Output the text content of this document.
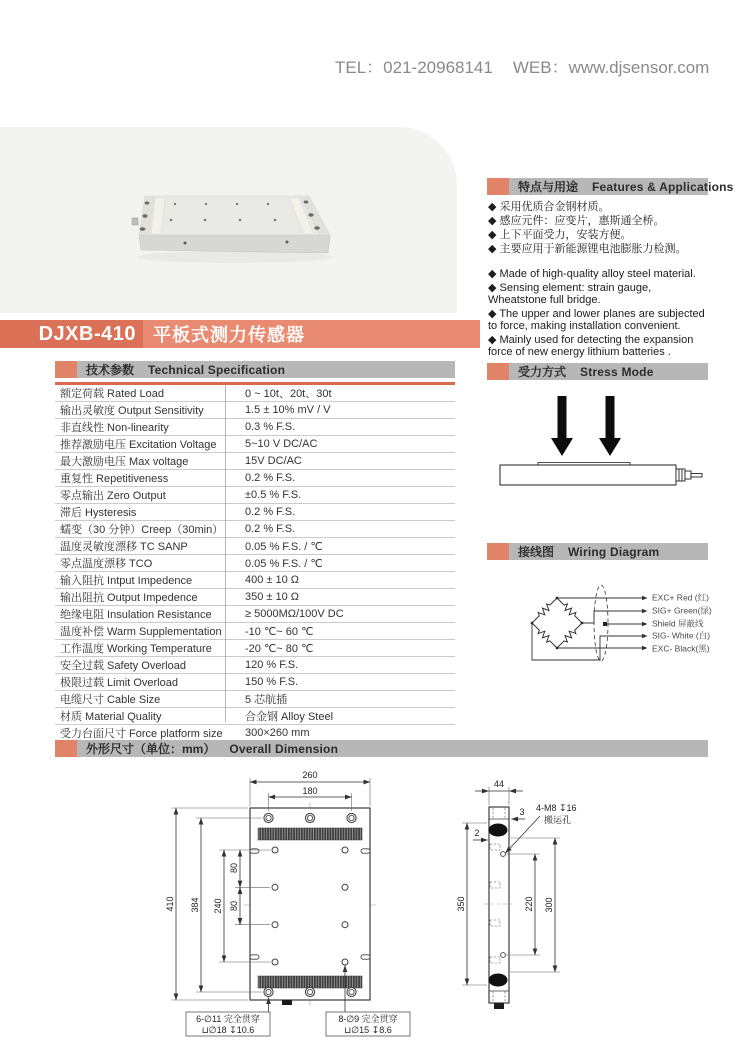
TEL：021-20968141 WEB：www.djsensor.com
DJXB-410 平板式测力传感器
特点与用途 Features & Applications
◆ 采用优质合金钢材质。
◆ 感应元件：应变片，惠斯通全桥。
◆ 上下平面受力，安装方便。
◆ 主要应用于新能源锂电池膨胀力检测。
◆ Made of high-quality alloy steel material.
◆ Sensing element: strain gauge, Wheatstone full bridge.
◆ The upper and lower planes are subjected to force, making installation convenient.
◆ Mainly used for detecting the expansion force of new energy lithium batteries .
技术参数 Technical Specification
额定荷载 Rated Load	0 ~ 10t、20t、30t
输出灵敏度 Output Sensitivity	1.5 ± 10% mV / V
非直线性 Non-linearity	0.3 % F.S.
推荐激励电压 Excitation Voltage	5~10 V DC/AC
最大激励电压 Max voltage	15V DC/AC
重复性 Repetitiveness	0.2 % F.S.
零点输出 Zero Output	±0.5 % F.S.
滞后 Hysteresis	0.2 % F.S.
蠕变（30 分钟）Creep（30min）	0.2 % F.S.
温度灵敏度漂移 TC SANP	0.05 % F.S. / ℃
零点温度漂移 TCO	0.05 % F.S. / ℃
输入阻抗 Intput Impedence	400 ± 10 Ω
输出阻抗 Output Impedence	350 ± 10 Ω
绝缘电阻 Insulation Resistance	≥ 5000MΩ/100V DC
温度补偿 Warm Supplementation	-10 ℃~ 60 ℃
工作温度 Working Temperature	-20 ℃~ 80 ℃
安全过载 Safety Overload	120 % F.S.
极限过载 Limit Overload	150 % F.S.
电缆尺寸 Cable Size	5 芯航插
材质 Material Quality	合金钢 Alloy Steel
受力台面尺寸 Force platform size	300×260 mm
受力方式 Stress Mode
接线图 Wiring Diagram
EXC+ Red (红)
SIG+ Green(绿)
Shield 屏蔽线
SIG- White (白)
EXC- Black(黑)
外形尺寸（单位：mm） Overall Dimension
260
180
410 384 240
80
80
6-∅11 完全贯穿
⊔∅18 ↧10.6
8-∅9 完全贯穿
⊔∅15 ↧8.6
44
3
2
350	220 300
4-M8 ↧16
搬运孔
